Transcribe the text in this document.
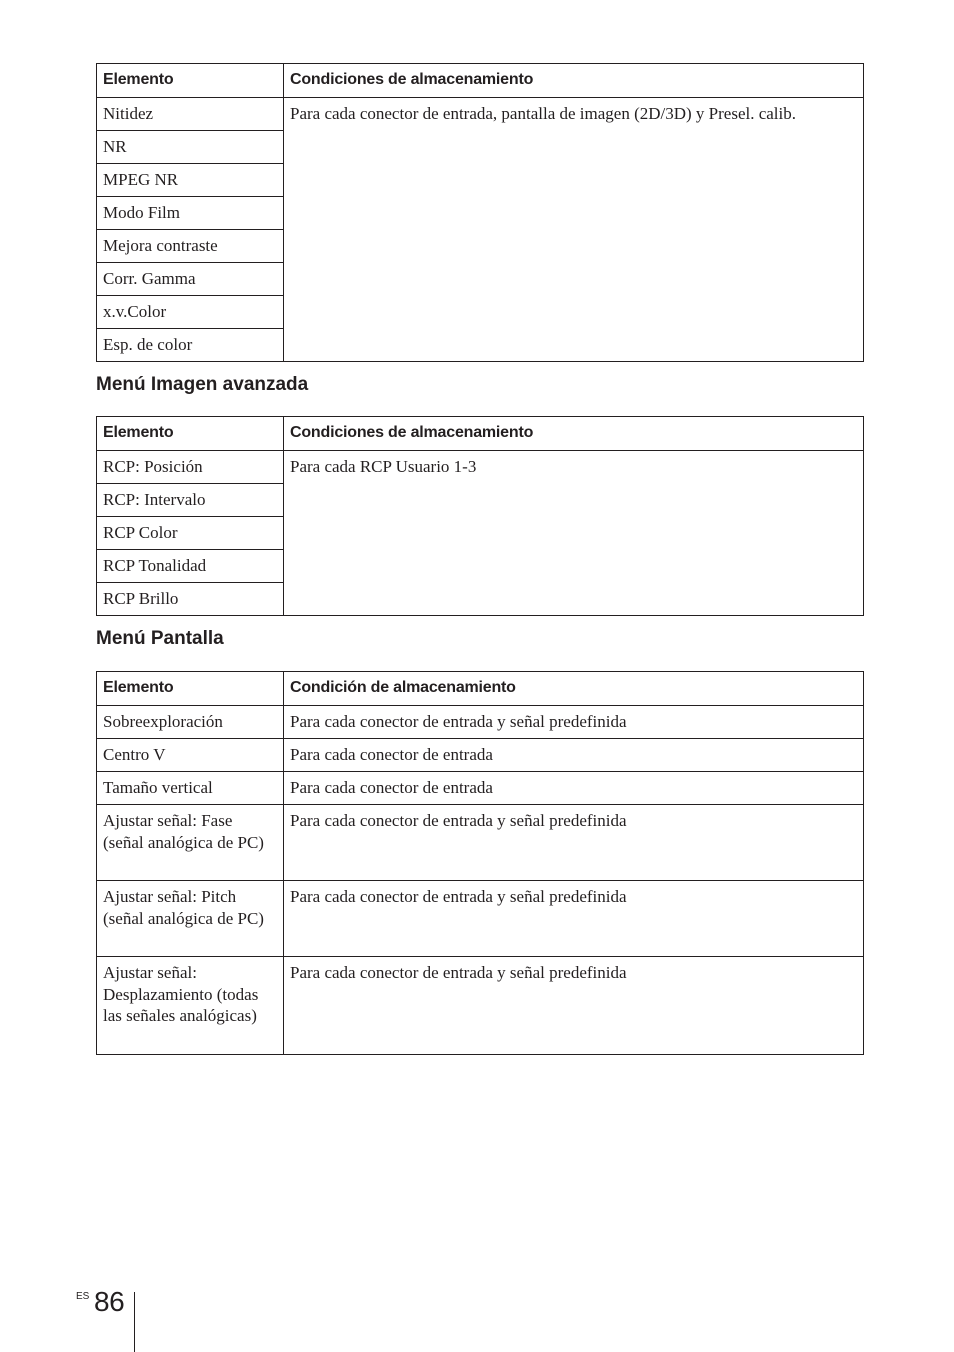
Elemento	Condiciones de almacenamiento
Nitidez	Para cada conector de entrada, pantalla de imagen (2D/3D) y Presel. calib.
NR	
MPEG NR	
Modo Film	
Mejora contraste	
Corr. Gamma	
x.v.Color	
Esp. de color	
Menú Imagen avanzada
Elemento	Condiciones de almacenamiento
RCP: Posición	Para cada RCP Usuario 1-3
RCP: Intervalo	
RCP Color	
RCP Tonalidad	
RCP Brillo	
Menú Pantalla
Elemento	Condición de almacenamiento
Sobreexploración	Para cada conector de entrada y señal predefinida
Centro V	Para cada conector de entrada
Tamaño vertical	Para cada conector de entrada
Ajustar señal: Fase (señal analógica de PC)	Para cada conector de entrada y señal predefinida
Ajustar señal: Pitch (señal analógica de PC)	Para cada conector de entrada y señal predefinida
Ajustar señal: Desplazamiento (todas las señales analógicas)	Para cada conector de entrada y señal predefinida
ES 86
